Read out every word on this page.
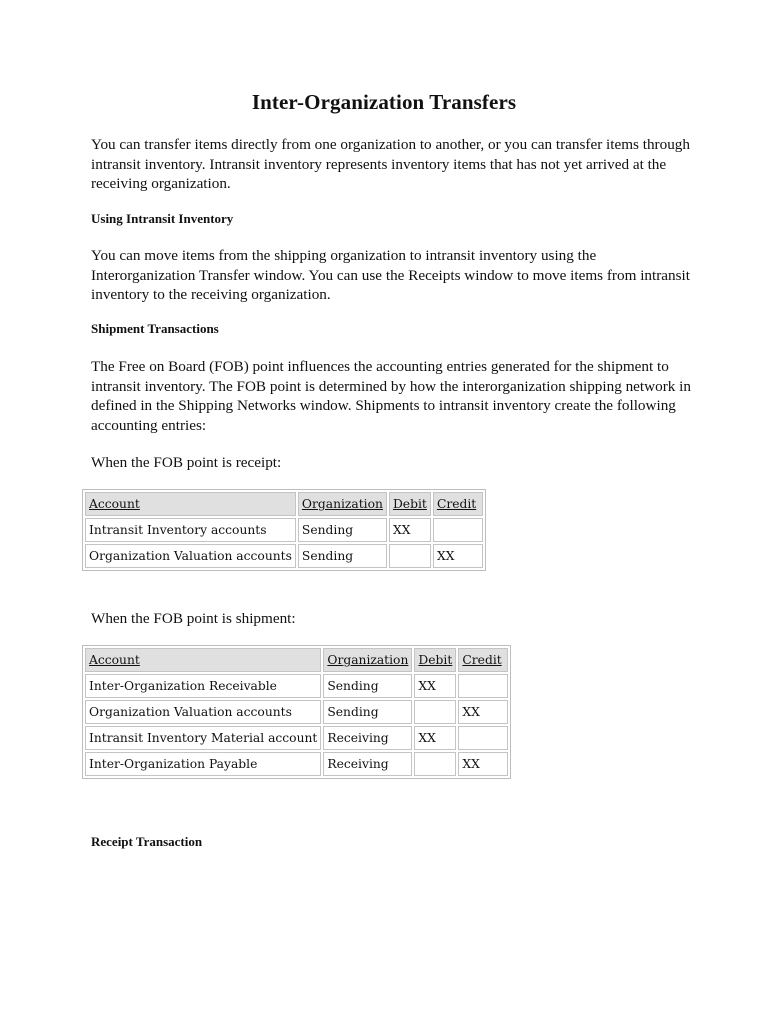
Inter-Organization Transfers
You can transfer items directly from one organization to another, or you can transfer items through intransit inventory. Intransit inventory represents inventory items that has not yet arrived at the receiving organization.
Using Intransit Inventory
You can move items from the shipping organization to intransit inventory using the Interorganization Transfer window. You can use the Receipts window to move items from intransit inventory to the receiving organization.
Shipment Transactions
The Free on Board (FOB) point influences the accounting entries generated for the shipment to intransit inventory. The FOB point is determined by how the interorganization shipping network in defined in the Shipping Networks window. Shipments to intransit inventory create the following accounting entries:
When the FOB point is receipt:
Account	Organization	Debit	Credit
Intransit Inventory accounts	Sending	XX	
Organization Valuation accounts	Sending		XX
When the FOB point is shipment:
Account	Organization	Debit	Credit
Inter-Organization Receivable	Sending	XX	
Organization Valuation accounts	Sending		XX
Intransit Inventory Material account	Receiving	XX	
Inter-Organization Payable	Receiving		XX
Receipt Transaction
